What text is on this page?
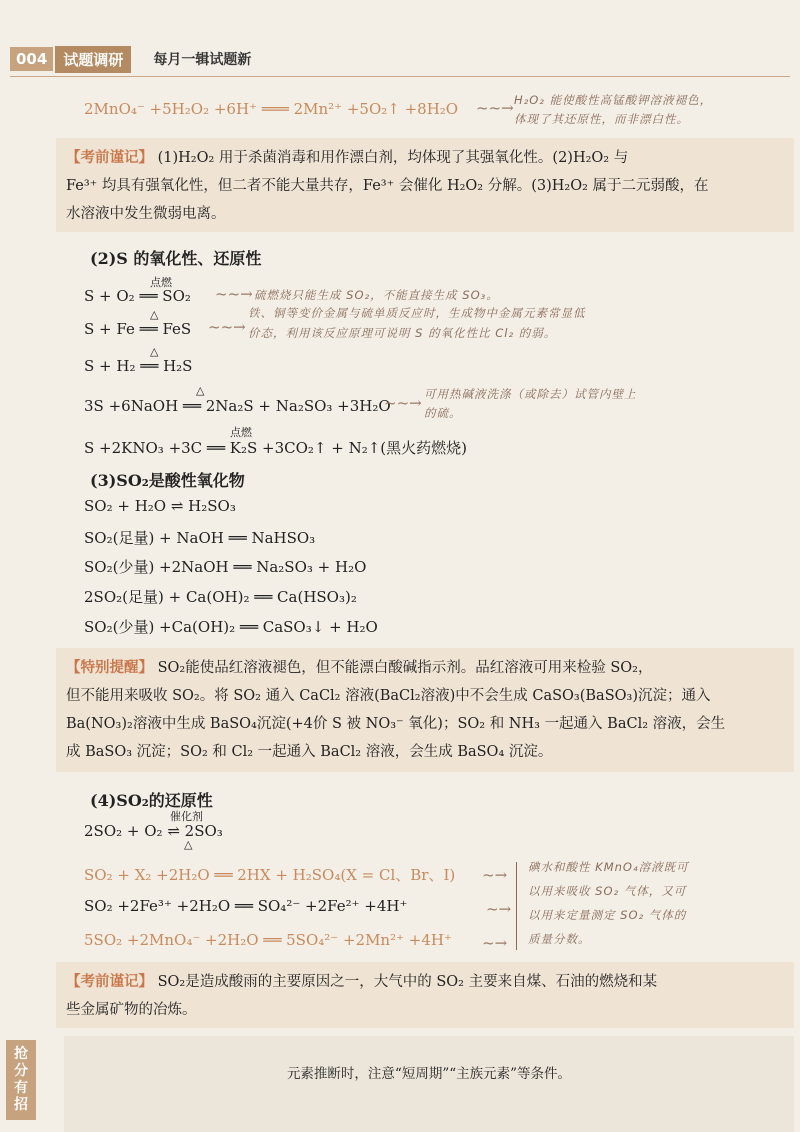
004	试题调研	每月一辑试题新
2MnO₄⁻ +5H₂O₂ +6H⁺ ═══ 2Mn²⁺ +5O₂↑ +8H₂O ~~→ H₂O₂ 能使酸性高锰酸钾溶液褪色，
体现了其还原性，而非漂白性。
【考前谨记】 (1)H₂O₂ 用于杀菌消毒和用作漂白剂，均体现了其强氧化性。(2)H₂O₂ 与
Fe³⁺ 均具有强氧化性，但二者不能大量共存，Fe³⁺ 会催化 H₂O₂ 分解。(3)H₂O₂ 属于二元弱酸，在
水溶液中发生微弱电离。
(2)S 的氧化性、还原性
点燃
S + O₂ ══ SO₂ ~~→ 硫燃烧只能生成 SO₂，不能直接生成 SO₃。
△
S + Fe ══ FeS ~~→
铁、铜等变价金属与硫单质反应时，生成物中金属元素常显低
价态，利用该反应原理可说明 S 的氧化性比 Cl₂ 的弱。
△
S + H₂ ══ H₂S
△
3S +6NaOH ══ 2Na₂S + Na₂SO₃ +3H₂O
~~→ 可用热碱液洗涤（或除去）试管内壁上
的硫。
点燃
S +2KNO₃ +3C ══ K₂S +3CO₂↑ + N₂↑(黑火药燃烧)
(3)SO₂是酸性氧化物
SO₂ + H₂O ⇌ H₂SO₃
SO₂(足量) + NaOH ══ NaHSO₃
SO₂(少量) +2NaOH ══ Na₂SO₃ + H₂O
2SO₂(足量) + Ca(OH)₂ ══ Ca(HSO₃)₂
SO₂(少量) +Ca(OH)₂ ══ CaSO₃↓ + H₂O
【特别提醒】 SO₂能使品红溶液褪色，但不能漂白酸碱指示剂。品红溶液可用来检验 SO₂，
但不能用来吸收 SO₂。将 SO₂ 通入 CaCl₂ 溶液(BaCl₂溶液)中不会生成 CaSO₃(BaSO₃)沉淀；通入
Ba(NO₃)₂溶液中生成 BaSO₄沉淀(+4价 S 被 NO₃⁻ 氧化)；SO₂ 和 NH₃ 一起通入 BaCl₂ 溶液，会生
成 BaSO₃ 沉淀；SO₂ 和 Cl₂ 一起通入 BaCl₂ 溶液，会生成 BaSO₄ 沉淀。
(4)SO₂的还原性
催化剂
△
2SO₂ + O₂ ⇌ 2SO₃
SO₂ + X₂ +2H₂O ══ 2HX + H₂SO₄(X = Cl、Br、I)
SO₂ +2Fe³⁺ +2H₂O ══ SO₄²⁻ +2Fe²⁺ +4H⁺
5SO₂ +2MnO₄⁻ +2H₂O ══ 5SO₄²⁻ +2Mn²⁺ +4H⁺
~→
~→
~→
碘水和酸性 KMnO₄溶液既可
以用来吸收 SO₂ 气体，又可
以用来定量测定 SO₂ 气体的
质量分数。
【考前谨记】 SO₂是造成酸雨的主要原因之一，大气中的 SO₂ 主要来自煤、石油的燃烧和某
些金属矿物的冶炼。
抢分有招
元素推断时，注意“短周期”“主族元素”等条件。
